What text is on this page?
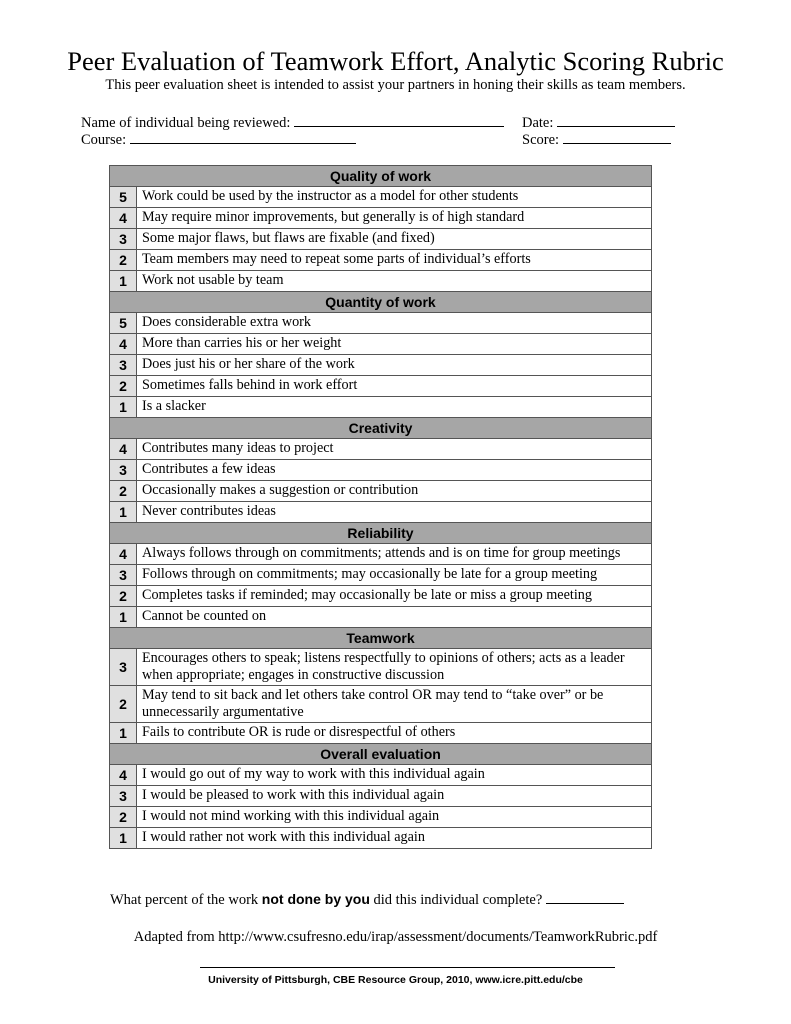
Peer Evaluation of Teamwork Effort, Analytic Scoring Rubric
This peer evaluation sheet is intended to assist your partners in honing their skills as team members.
Name of individual being reviewed:	Date:
Course:	Score:
Quality of work	
5	Work could be used by the instructor as a model for other students
4	May require minor improvements, but generally is of high standard
3	Some major flaws, but flaws are fixable (and fixed)
2	Team members may need to repeat some parts of individual’s efforts
1	Work not usable by team
Quantity of work	
5	Does considerable extra work
4	More than carries his or her weight
3	Does just his or her share of the work
2	Sometimes falls behind in work effort
1	Is a slacker
Creativity	
4	Contributes many ideas to project
3	Contributes a few ideas
2	Occasionally makes a suggestion or contribution
1	Never contributes ideas
Reliability	
4	Always follows through on commitments; attends and is on time for group meetings
3	Follows through on commitments; may occasionally be late for a group meeting
2	Completes tasks if reminded; may occasionally be late or miss a group meeting
1	Cannot be counted on
Teamwork	
3	Encourages others to speak; listens respectfully to opinions of others; acts as a leader when appropriate; engages in constructive discussion
2	May tend to sit back and let others take control OR may tend to “take over” or be unnecessarily argumentative
1	Fails to contribute OR is rude or disrespectful of others
Overall evaluation	
4	I would go out of my way to work with this individual again
3	I would be pleased to work with this individual again
2	I would not mind working with this individual again
1	I would rather not work with this individual again
What percent of the work not done by you did this individual complete?
Adapted from http://www.csufresno.edu/irap/assessment/documents/TeamworkRubric.pdf
University of Pittsburgh, CBE Resource Group, 2010, www.icre.pitt.edu/cbe
